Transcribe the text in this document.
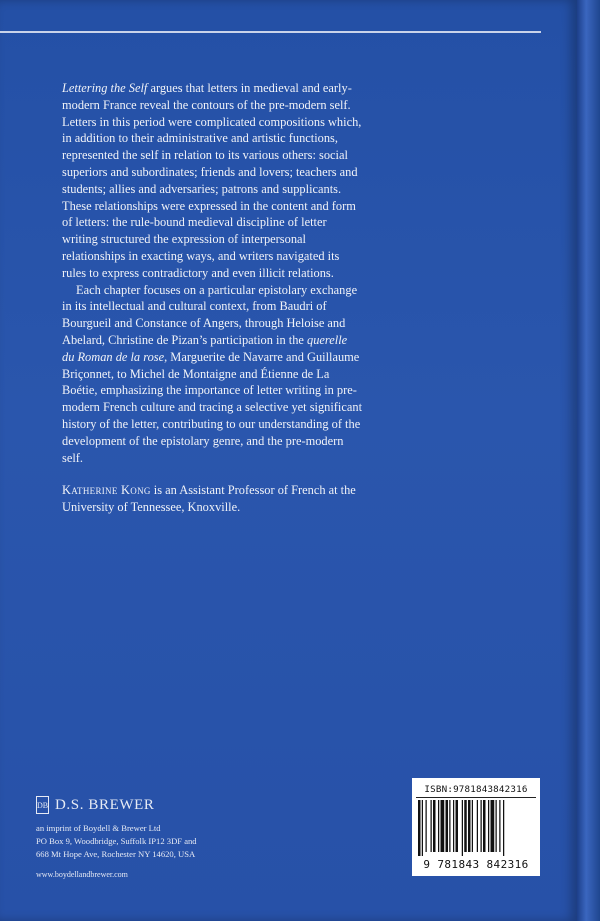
Lettering the Self argues that letters in medieval and early-modern France reveal the contours of the pre-modern self. Letters in this period were complicated compositions which, in addition to their administrative and artistic functions, represented the self in relation to its various others: social superiors and subordinates; friends and lovers; teachers and students; allies and adversaries; patrons and supplicants. These relationships were expressed in the content and form of letters: the rule-bound medieval discipline of letter writing structured the expression of interpersonal relationships in exacting ways, and writers navigated its rules to express contradictory and even illicit relations.

Each chapter focuses on a particular epistolary exchange in its intellectual and cultural context, from Baudri of Bourgueil and Constance of Angers, through Heloise and Abelard, Christine de Pizan’s participation in the querelle du Roman de la rose, Marguerite de Navarre and Guillaume Briçonnet, to Michel de Montaigne and Étienne de La Boétie, emphasizing the importance of letter writing in pre-modern French culture and tracing a selective yet significant history of the letter, contributing to our understanding of the development of the epistolary genre, and the pre-modern self.

Katherine Kong is an Assistant Professor of French at the University of Tennessee, Knoxville.

DB D.S. BREWER
an imprint of Boydell & Brewer Ltd
PO Box 9, Woodbridge, Suffolk IP12 3DF and
668 Mt Hope Ave, Rochester NY 14620, USA
www.boydellandbrewer.com
ISBN:9781843842316
9 781843 842316
